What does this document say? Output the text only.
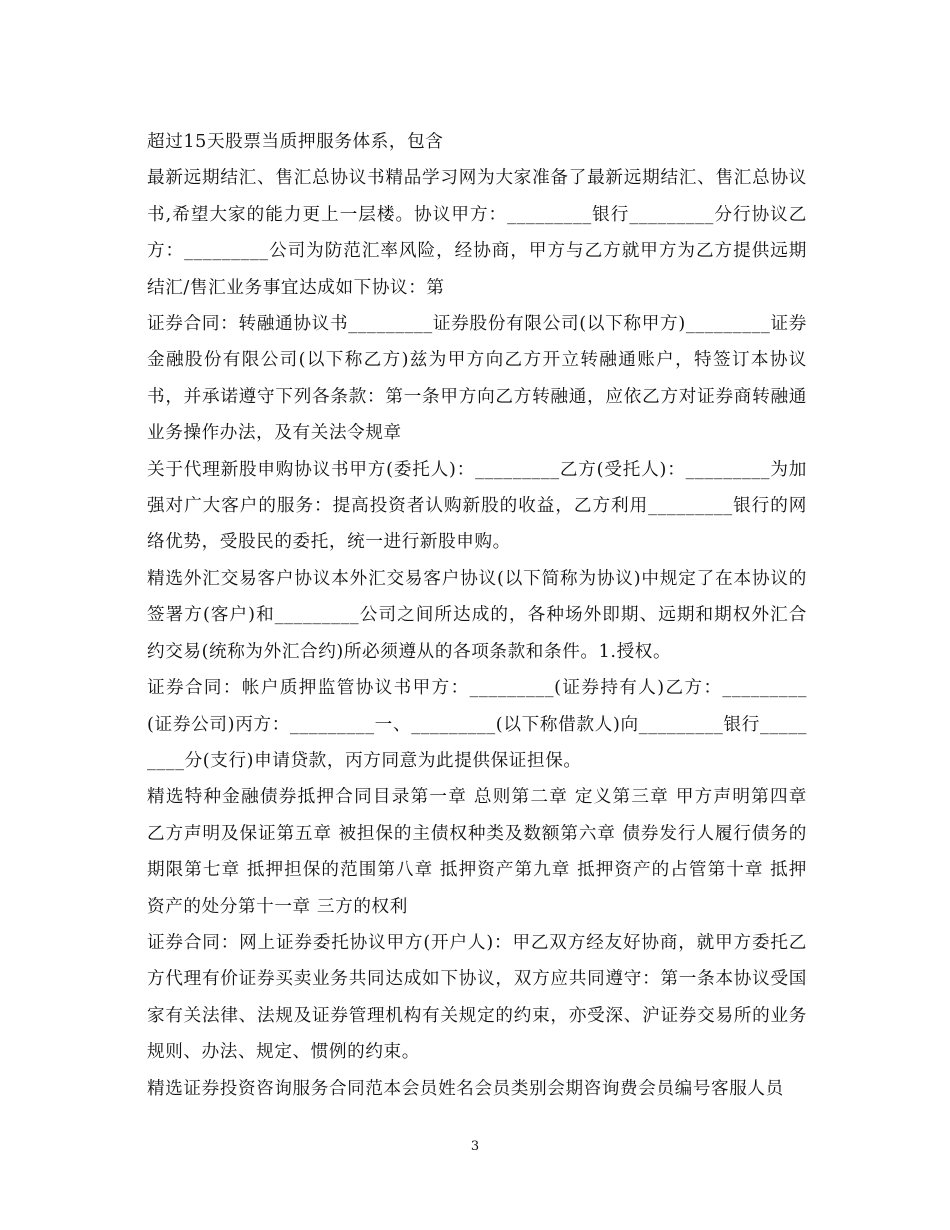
超过15天股票当质押服务体系，包含

最新远期结汇、售汇总协议书精品学习网为大家准备了最新远期结汇、售汇总协议书,希望大家的能力更上一层楼。协议甲方：_________银行_________分行协议乙方：_________公司为防范汇率风险，经协商，甲方与乙方就甲方为乙方提供远期结汇/售汇业务事宜达成如下协议：第

证券合同：转融通协议书_________证券股份有限公司(以下称甲方)_________证券金融股份有限公司(以下称乙方)兹为甲方向乙方开立转融通账户，特签订本协议书，并承诺遵守下列各条款：第一条甲方向乙方转融通，应依乙方对证券商转融通业务操作办法，及有关法令规章

关于代理新股申购协议书甲方(委托人)：_________乙方(受托人)：_________为加强对广大客户的服务：提高投资者认购新股的收益，乙方利用_________银行的网络优势，受股民的委托，统一进行新股申购。

精选外汇交易客户协议本外汇交易客户协议(以下简称为协议)中规定了在本协议的签署方(客户)和_________公司之间所达成的，各种场外即期、远期和期权外汇合约交易(统称为外汇合约)所必须遵从的各项条款和条件。1.授权。

证券合同：帐户质押监管协议书甲方：_________(证券持有人)乙方：_________(证券公司)丙方：_________一、_________(以下称借款人)向_________银行_________分(支行)申请贷款，丙方同意为此提供保证担保。

精选特种金融债券抵押合同目录第一章 总则第二章 定义第三章 甲方声明第四章 乙方声明及保证第五章 被担保的主债权种类及数额第六章 债券发行人履行债务的期限第七章 抵押担保的范围第八章 抵押资产第九章 抵押资产的占管第十章 抵押资产的处分第十一章 三方的权利

证券合同：网上证券委托协议甲方(开户人)：甲乙双方经友好协商，就甲方委托乙方代理有价证券买卖业务共同达成如下协议，双方应共同遵守：第一条本协议受国家有关法律、法规及证券管理机构有关规定的约束，亦受深、沪证券交易所的业务规则、办法、规定、惯例的约束。

精选证券投资咨询服务合同范本会员姓名会员类别会期咨询费会员编号客服人员

3
